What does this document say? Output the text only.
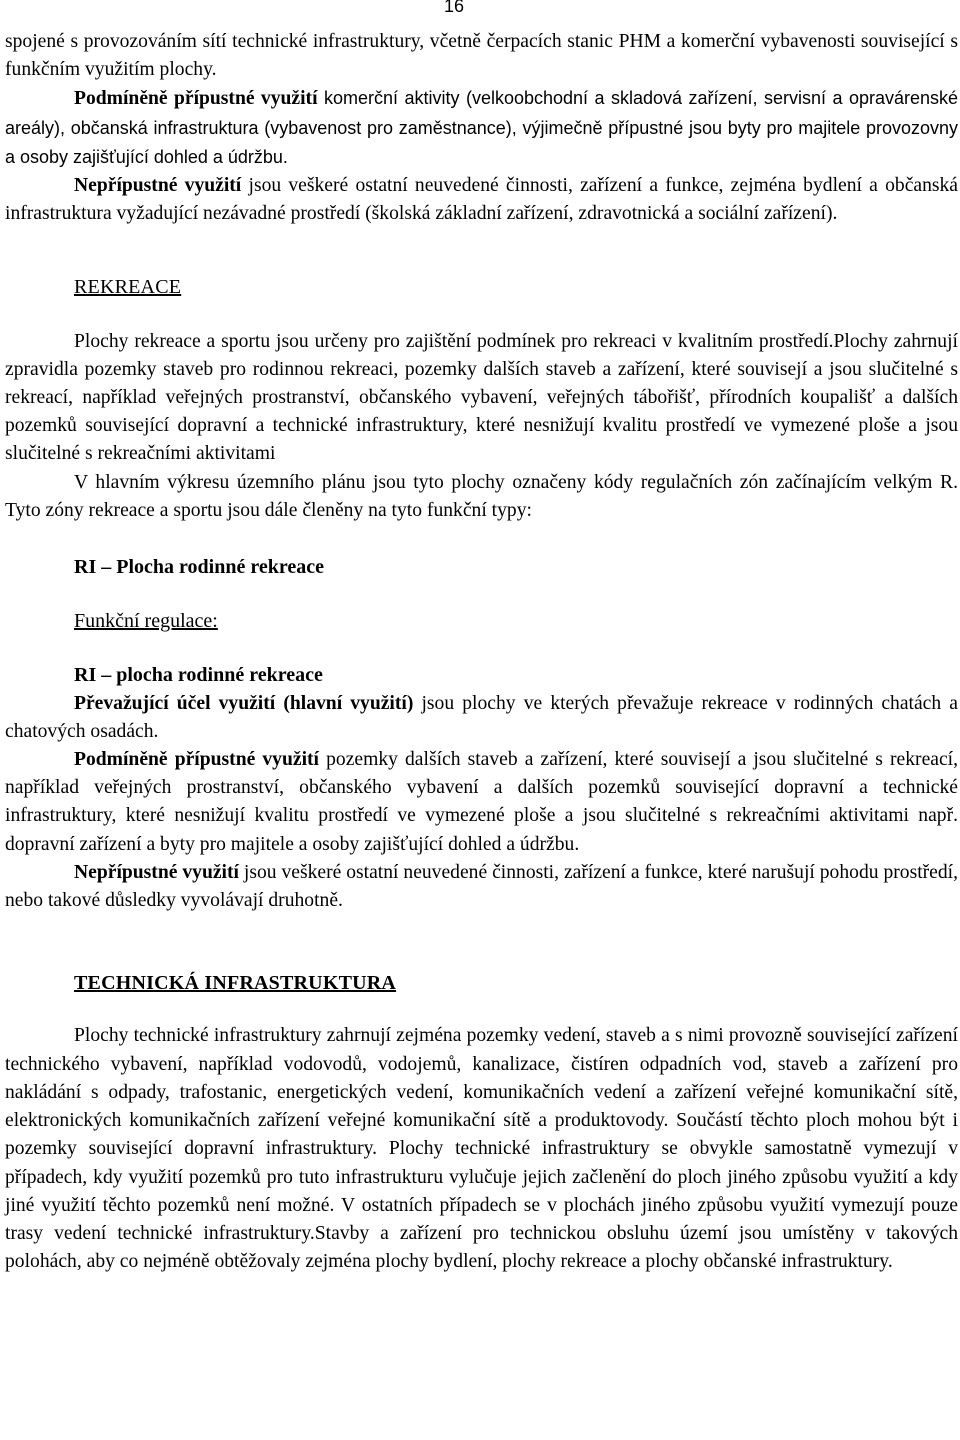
16

spojené s provozováním sítí technické infrastruktury, včetně čerpacích stanic PHM a komerční vybavenosti související s funkčním využitím plochy.

Podmíněně přípustné využití komerční aktivity (velkoobchodní a skladová zařízení, servisní a opravárenské areály), občanská infrastruktura (vybavenost pro zaměstnance), výjimečně přípustné jsou byty pro majitele provozovny a osoby zajišťující dohled a údržbu.

Nepřípustné využití jsou veškeré ostatní neuvedené činnosti, zařízení a funkce, zejména bydlení a občanská infrastruktura vyžadující nezávadné prostředí (školská základní zařízení, zdravotnická a sociální zařízení).

REKREACE

Plochy rekreace a sportu jsou určeny pro zajištění podmínek pro rekreaci v kvalitním prostředí.Plochy zahrnují zpravidla pozemky staveb pro rodinnou rekreaci, pozemky dalších staveb a zařízení, které souvisejí a jsou slučitelné s rekreací, například veřejných prostranství, občanského vybavení, veřejných tábořišť, přírodních koupališť a dalších pozemků související dopravní a technické infrastruktury, které nesnižují kvalitu prostředí ve vymezené ploše a jsou slučitelné s rekreačními aktivitami

V hlavním výkresu územního plánu jsou tyto plochy označeny kódy regulačních zón začínajícím velkým R. Tyto zóny rekreace a sportu jsou dále členěny na tyto funkční typy:

RI – Plocha rodinné rekreace
Funkční regulace:
RI – plocha rodinné rekreace

Převažující účel využití (hlavní využití) jsou plochy ve kterých převažuje rekreace v rodinných chatách a chatových osadách.

Podmíněně přípustné využití pozemky dalších staveb a zařízení, které souvisejí a jsou slučitelné s rekreací, například veřejných prostranství, občanského vybavení a dalších pozemků související dopravní a technické infrastruktury, které nesnižují kvalitu prostředí ve vymezené ploše a jsou slučitelné s rekreačními aktivitami např. dopravní zařízení a byty pro majitele a osoby zajišťující dohled a údržbu.

Nepřípustné využití jsou veškeré ostatní neuvedené činnosti, zařízení a funkce, které narušují pohodu prostředí, nebo takové důsledky vyvolávají druhotně.

TECHNICKÁ INFRASTRUKTURA

Plochy technické infrastruktury zahrnují zejména pozemky vedení, staveb a s nimi provozně související zařízení technického vybavení, například vodovodů, vodojemů, kanalizace, čistíren odpadních vod, staveb a zařízení pro nakládání s odpady, trafostanic, energetických vedení, komunikačních vedení a zařízení veřejné komunikační sítě, elektronických komunikačních zařízení veřejné komunikační sítě a produktovody. Součástí těchto ploch mohou být i pozemky související dopravní infrastruktury. Plochy technické infrastruktury se obvykle samostatně vymezují v případech, kdy využití pozemků pro tuto infrastrukturu vylučuje jejich začlenění do ploch jiného způsobu využití a kdy jiné využití těchto pozemků není možné. V ostatních případech se v plochách jiného způsobu využití vymezují pouze trasy vedení technické infrastruktury.Stavby a zařízení pro technickou obsluhu území jsou umístěny v takových polohách, aby co nejméně obtěžovaly zejména plochy bydlení, plochy rekreace a plochy občanské infrastruktury.
